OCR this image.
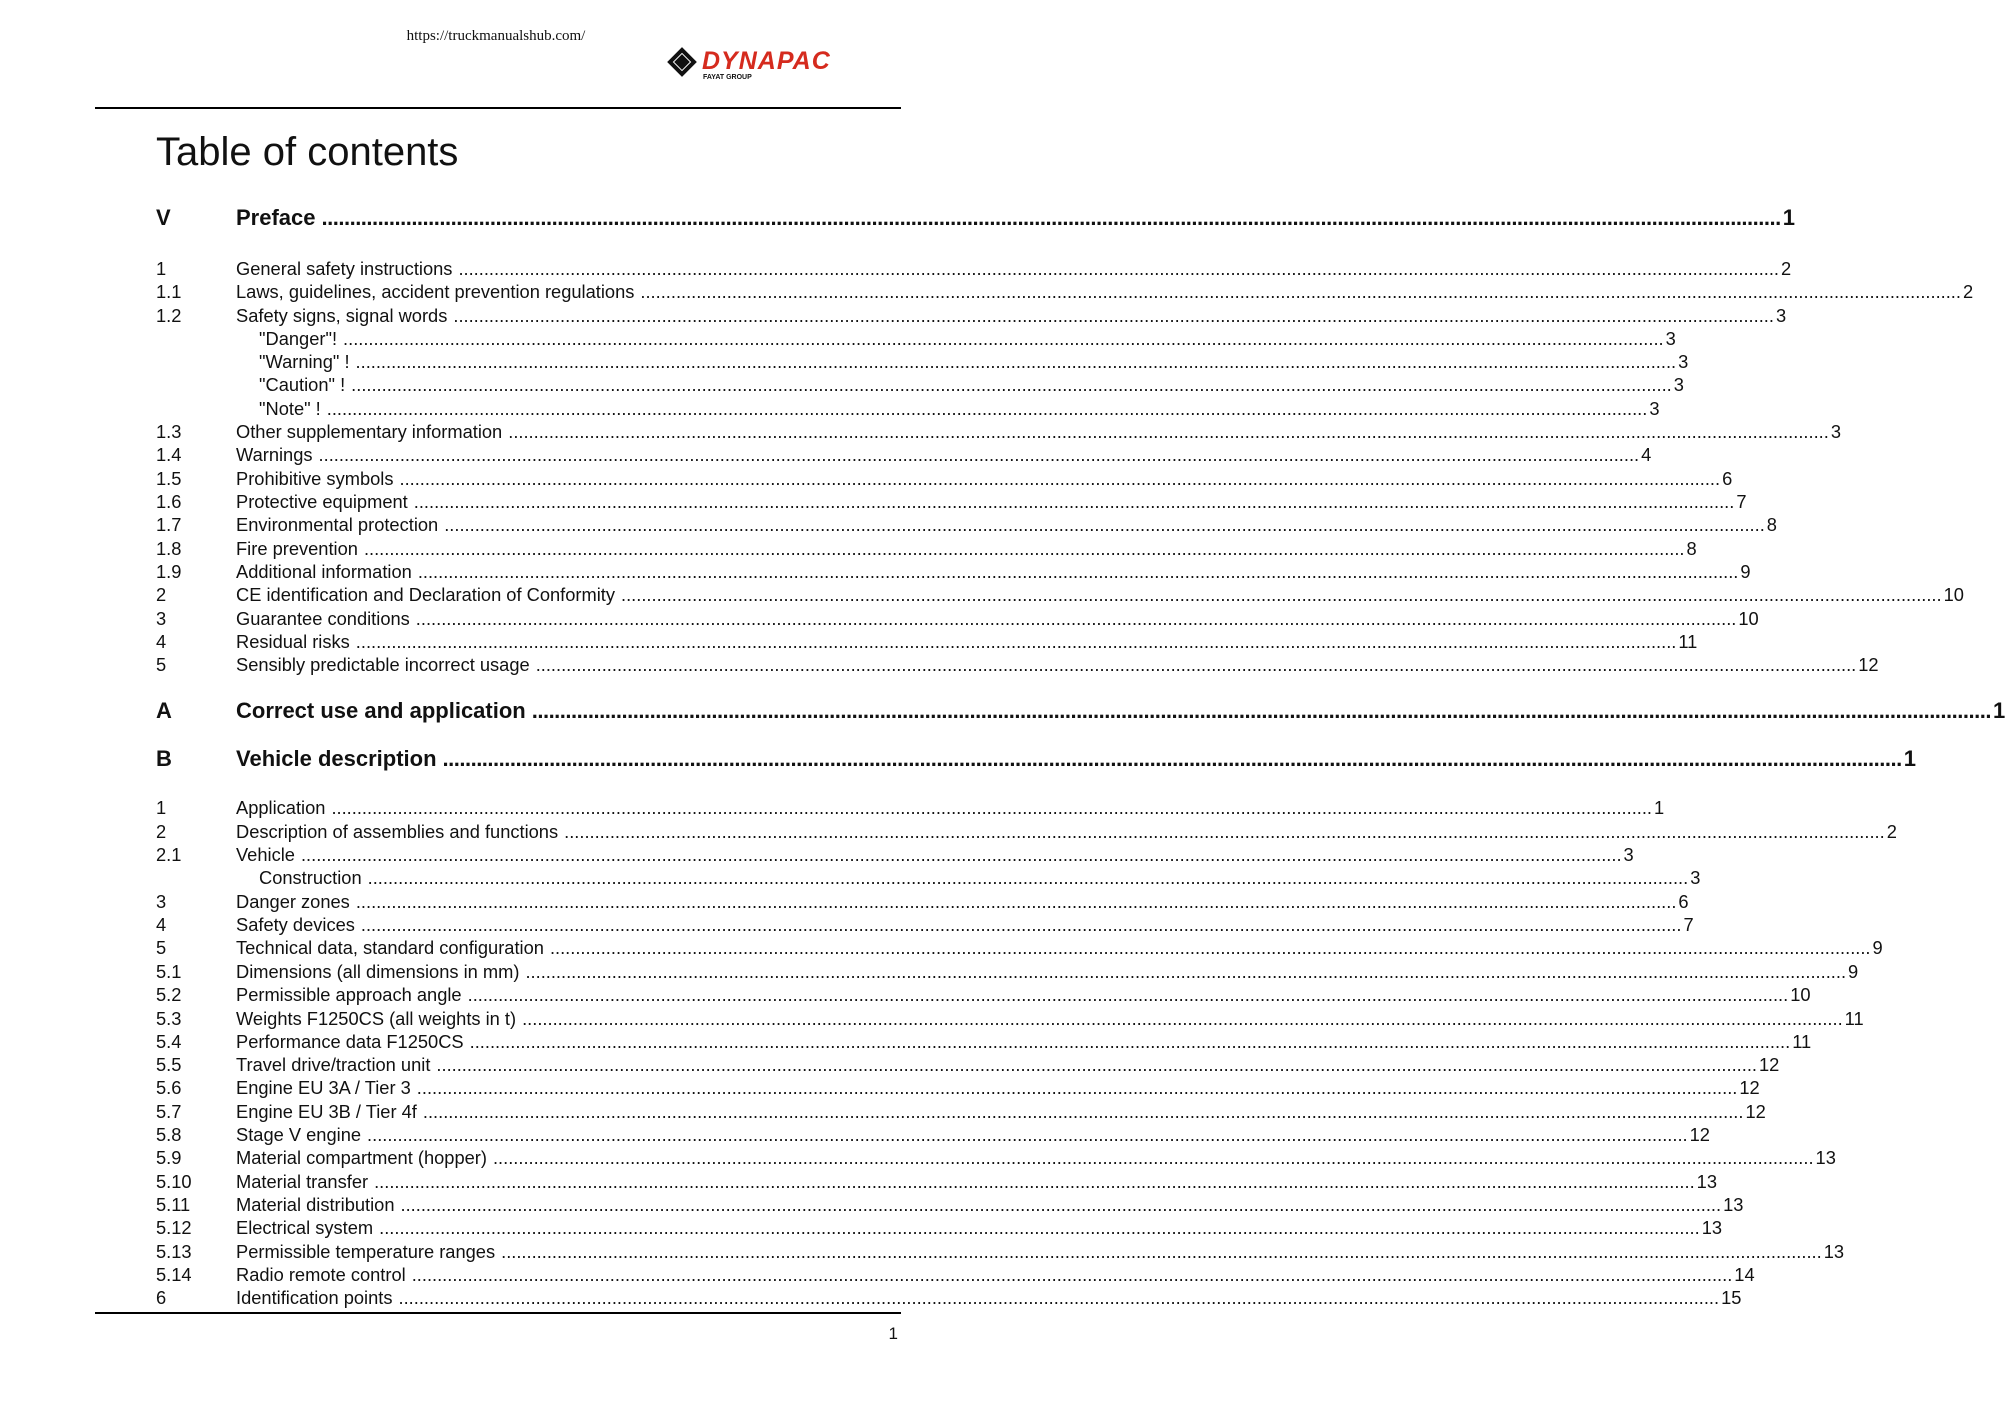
https://truckmanualshub.com/
DYNAPAC
FAYAT GROUP
Table of contents
V	Preface .................................................................................................................................................................................................................................................................... 1
1	General safety instructions .................................................................................................................................................................................................................................................................... 2
1.1	Laws, guidelines, accident prevention regulations .................................................................................................................................................................................................................................................................... 2
1.2	Safety signs, signal words .................................................................................................................................................................................................................................................................... 3
"Danger"! .................................................................................................................................................................................................................................................................... 3
"Warning" ! .................................................................................................................................................................................................................................................................... 3
"Caution" ! .................................................................................................................................................................................................................................................................... 3
"Note" ! .................................................................................................................................................................................................................................................................... 3
1.3	Other supplementary information .................................................................................................................................................................................................................................................................... 3
1.4	Warnings .................................................................................................................................................................................................................................................................... 4
1.5	Prohibitive symbols .................................................................................................................................................................................................................................................................... 6
1.6	Protective equipment .................................................................................................................................................................................................................................................................... 7
1.7	Environmental protection .................................................................................................................................................................................................................................................................... 8
1.8	Fire prevention .................................................................................................................................................................................................................................................................... 8
1.9	Additional information .................................................................................................................................................................................................................................................................... 9
2	CE identification and Declaration of Conformity .................................................................................................................................................................................................................................................................... 10
3	Guarantee conditions .................................................................................................................................................................................................................................................................... 10
4	Residual risks .................................................................................................................................................................................................................................................................... 11
5	Sensibly predictable incorrect usage .................................................................................................................................................................................................................................................................... 12
A	Correct use and application .................................................................................................................................................................................................................................................................... 1
B	Vehicle description .................................................................................................................................................................................................................................................................... 1
1	Application .................................................................................................................................................................................................................................................................... 1
2	Description of assemblies and functions .................................................................................................................................................................................................................................................................... 2
2.1	Vehicle .................................................................................................................................................................................................................................................................... 3
Construction .................................................................................................................................................................................................................................................................... 3
3	Danger zones .................................................................................................................................................................................................................................................................... 6
4	Safety devices .................................................................................................................................................................................................................................................................... 7
5	Technical data, standard configuration .................................................................................................................................................................................................................................................................... 9
5.1	Dimensions (all dimensions in mm) .................................................................................................................................................................................................................................................................... 9
5.2	Permissible approach angle .................................................................................................................................................................................................................................................................... 10
5.3	Weights F1250CS (all weights in t) .................................................................................................................................................................................................................................................................... 11
5.4	Performance data F1250CS .................................................................................................................................................................................................................................................................... 11
5.5	Travel drive/traction unit .................................................................................................................................................................................................................................................................... 12
5.6	Engine EU 3A / Tier 3 .................................................................................................................................................................................................................................................................... 12
5.7	Engine EU 3B / Tier 4f .................................................................................................................................................................................................................................................................... 12
5.8	Stage V engine .................................................................................................................................................................................................................................................................... 12
5.9	Material compartment (hopper) .................................................................................................................................................................................................................................................................... 13
5.10	Material transfer .................................................................................................................................................................................................................................................................... 13
5.11	Material distribution .................................................................................................................................................................................................................................................................... 13
5.12	Electrical system .................................................................................................................................................................................................................................................................... 13
5.13	Permissible temperature ranges .................................................................................................................................................................................................................................................................... 13
5.14	Radio remote control .................................................................................................................................................................................................................................................................... 14
6	Identification points .................................................................................................................................................................................................................................................................... 15
1
